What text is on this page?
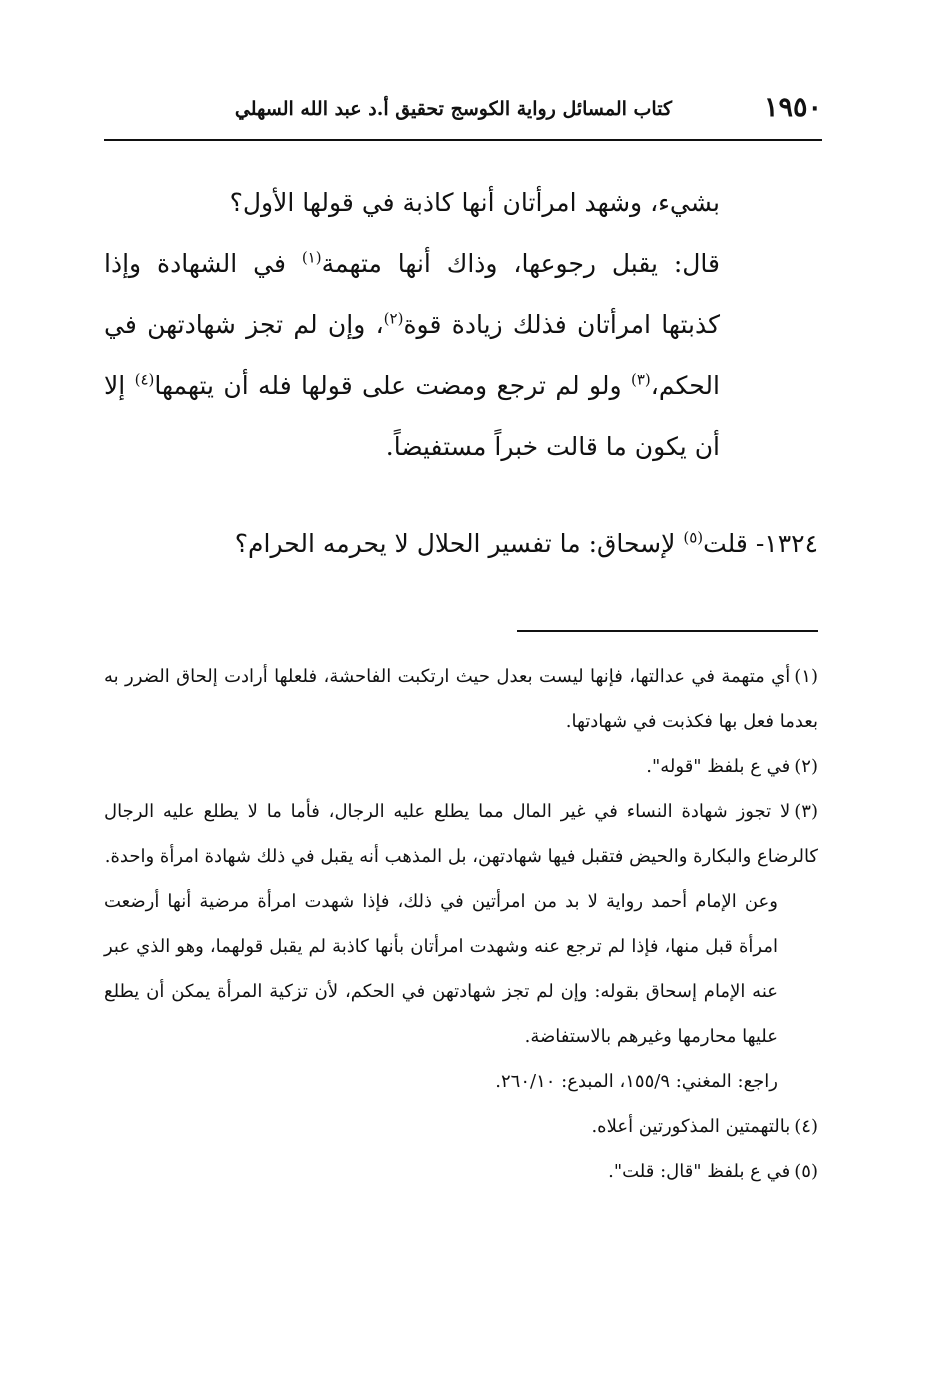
١٩٥٠
كتاب المسائل رواية الكوسج تحقيق أ.د عبد الله السهلي

بشيء، وشهد امرأتان أنها كاذبة في قولها الأول؟

قال: يقبل رجوعها، وذاك أنها متهمة$^{(١)}$ في الشهادة وإذا كذبتها امرأتان فذلك زيادة قوة$^{(٢)}$، وإن لم تجز شهادتهن في الحكم،$^{(٣)}$ ولو لم ترجع ومضت على قولها فله أن يتهمها$^{(٤)}$ إلا أن يكون ما قالت خبراً مستفيضاً.

١٣٢٤- قلت$^{(٥)}$ لإسحاق: ما تفسير الحلال لا يحرمه الحرام؟

(١)أي متهمة في عدالتها، فإنها ليست بعدل حيث ارتكبت الفاحشة، فلعلها أرادت إلحاق الضرر به بعدما فعل بها فكذبت في شهادتها.

(٢)في ع بلفظ "قوله".

(٣)لا تجوز شهادة النساء في غير المال مما يطلع عليه الرجال، فأما ما لا يطلع عليه الرجال كالرضاع والبكارة والحيض فتقبل فيها شهادتهن، بل المذهب أنه يقبل في ذلك شهادة امرأة واحدة.

وعن الإمام أحمد رواية لا بد من امرأتين في ذلك، فإذا شهدت امرأة مرضية أنها أرضعت امرأة قبل منها، فإذا لم ترجع عنه وشهدت امرأتان بأنها كاذبة لم يقبل قولهما، وهو الذي عبر عنه الإمام إسحاق بقوله: وإن لم تجز شهادتهن في الحكم، لأن تزكية المرأة يمكن أن يطلع عليها محارمها وغيرهم بالاستفاضة.

راجع: المغني: ١٥٥/٩، المبدع: ٢٦٠/١٠.

(٤)بالتهمتين المذكورتين أعلاه.

(٥)في ع بلفظ "قال: قلت".
